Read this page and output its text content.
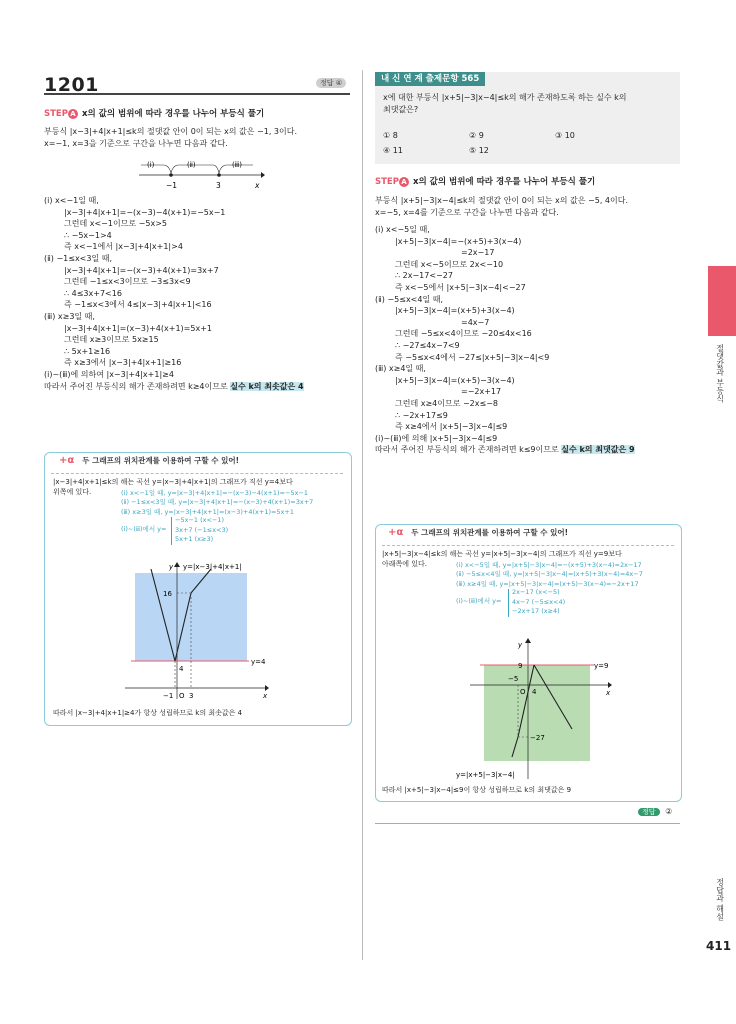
1201	정답 ④
STEP A x의 값의 범위에 따라 경우를 나누어 부등식 풀기
부등식 |x−3|+4|x+1|≤k의 절댓값 안이 0이 되는 x의 값은 −1, 3이다.
x=−1, x=3을 기준으로 구간을 나누면 다음과 같다.
(ⅰ)	(ⅱ)	(ⅲ)
−1	3	x
(ⅰ) x<−1일 때,
|x−3|+4|x+1|=−(x−3)−4(x+1)=−5x−1
그런데 x<−1이므로 −5x>5
∴ −5x−1>4
즉 x<−1에서 |x−3|+4|x+1|>4
(ⅱ) −1≤x<3일 때,
|x−3|+4|x+1|=−(x−3)+4(x+1)=3x+7
그런데 −1≤x<3이므로 −3≤3x<9
∴ 4≤3x+7<16
즉 −1≤x<3에서 4≤|x−3|+4|x+1|<16
(ⅲ) x≥3일 때,
|x−3|+4|x+1|=(x−3)+4(x+1)=5x+1
그런데 x≥3이므로 5x≥15
∴ 5x+1≥16
즉 x≥3에서 |x−3|+4|x+1|≥16
(ⅰ)~(ⅲ)에 의하여 |x−3|+4|x+1|≥4
따라서 주어진 부등식의 해가 존재하려면 k≥4이므로 실수 k의 최솟값은 4
+α 두 그래프의 위치관계를 이용하여 구할 수 있어!
|x−3|+4|x+1|≤k의 해는 곡선 y=|x−3|+4|x+1|의 그래프가 직선 y=4보다
위쪽에 있다.	(ⅰ) x<−1일 때, y=|x−3|+4|x+1|=−(x−3)−4(x+1)=−5x−1
(ⅱ) −1≤x<3일 때, y=|x−3|+4|x+1|=−(x−3)+4(x+1)=3x+7
(ⅲ) x≥3일 때, y=|x−3|+4|x+1|=(x−3)+4(x+1)=5x+1
(ⅰ)~(ⅲ)에서 y=
−5x−1 (x<−1)
3x+7 (−1≤x<3)
5x+1 (x≥3)
y y=|x−3|+4|x+1|
16
4
y=4
−1 O 3	x
따라서 |x−3|+4|x+1|≥4가 항상 성립하므로 k의 최솟값은 4
내 신 연 계 출제문항 565
x에 대한 부등식 |x+5|−3|x−4|≤k의 해가 존재하도록 하는 실수 k의
최댓값은?
① 8	② 9	③ 10
④ 11	⑤ 12
STEP A x의 값의 범위에 따라 경우를 나누어 부등식 풀기
부등식 |x+5|−3|x−4|≤k의 절댓값 안이 0이 되는 x의 값은 −5, 4이다.
x=−5, x=4를 기준으로 구간을 나누면 다음과 같다.
(ⅰ) x<−5일 때,
|x+5|−3|x−4|=−(x+5)+3(x−4)
=2x−17
그런데 x<−5이므로 2x<−10
∴ 2x−17<−27
즉 x<−5에서 |x+5|−3|x−4|<−27
(ⅱ) −5≤x<4일 때,
|x+5|−3|x−4|=(x+5)+3(x−4)
=4x−7
그런데 −5≤x<4이므로 −20≤4x<16
∴ −27≤4x−7<9
즉 −5≤x<4에서 −27≤|x+5|−3|x−4|<9
(ⅲ) x≥4일 때,
|x+5|−3|x−4|=(x+5)−3(x−4)
=−2x+17
그런데 x≥4이므로 −2x≤−8
∴ −2x+17≤9
즉 x≥4에서 |x+5|−3|x−4|≤9
(ⅰ)~(ⅲ)에 의해 |x+5|−3|x−4|≤9
따라서 주어진 부등식의 해가 존재하려면 k≤9이므로 실수 k의 최댓값은 9
+α 두 그래프의 위치관계를 이용하여 구할 수 있어!
|x+5|−3|x−4|≤k의 해는 곡선 y=|x+5|−3|x−4|의 그래프가 직선 y=9보다
아래쪽에 있다.	(ⅰ) x<−5일 때, y=|x+5|−3|x−4|=−(x+5)+3(x−4)=2x−17
(ⅱ) −5≤x<4일 때, y=|x+5|−3|x−4|=(x+5)+3(x−4)=4x−7
(ⅲ) x≥4일 때, y=|x+5|−3|x−4|=(x+5)−3(x−4)=−2x+17
(ⅰ)~(ⅲ)에서 y=
2x−17 (x<−5)
4x−7 (−5≤x<4)
−2x+17 (x≥4)
y
9
−27
y=9
−5
O 4	x
y=|x+5|−3|x−4|
따라서 |x+5|−3|x−4|≤9이 항상 성립하므로 k의 최댓값은 9
정답 ②
05
절댓값과 부등식
정답과 해설
411
